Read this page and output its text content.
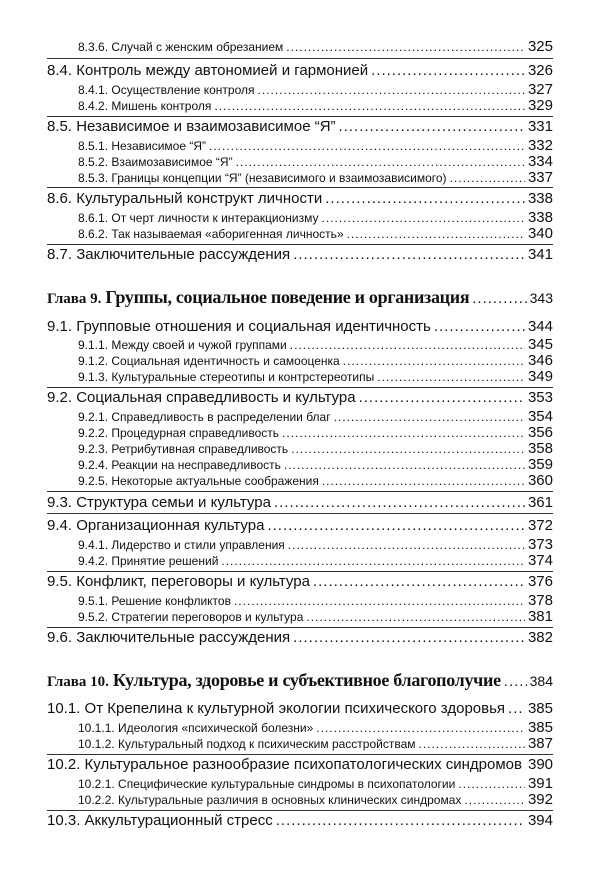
8.3.6. Случай с женским обрезанием .....	325
8.4. Контроль между автономией и гармонией .....	326
8.4.1. Осуществление контроля .....	327
8.4.2. Мишень контроля .....	329
8.5. Независимое и взаимозависимое “Я” .....	331
8.5.1. Независимое “Я” .....	332
8.5.2. Взаимозависимое “Я” .....	334
8.5.3. Границы концепции “Я” (независимого и взаимозависимого) .....	337
8.6. Культуральный конструкт личности .....	338
8.6.1. От черт личности к интеракционизму .....	338
8.6.2. Так называемая «аборигенная личность» .....	340
8.7. Заключительные рассуждения .....	341
Глава 9. Группы, социальное поведение и организация .....	343
9.1. Групповые отношения и социальная идентичность .....	344
9.1.1. Между своей и чужой группами .....	345
9.1.2. Социальная идентичность и самооценка .....	346
9.1.3. Культуральные стереотипы и контрстереотипы .....	349
9.2. Социальная справедливость и культура .....	353
9.2.1. Справедливость в распределении благ .....	354
9.2.2. Процедурная справедливость .....	356
9.2.3. Ретрибутивная справедливость .....	358
9.2.4. Реакции на несправедливость .....	359
9.2.5. Некоторые актуальные соображения .....	360
9.3. Структура семьи и культура .....	361
9.4. Организационная культура .....	372
9.4.1. Лидерство и стили управления .....	373
9.4.2. Принятие решений .....	374
9.5. Конфликт, переговоры и культура .....	376
9.5.1. Решение конфликтов .....	378
9.5.2. Стратегии переговоров и культура .....	381
9.6. Заключительные рассуждения .....	382
Глава 10. Культура, здоровье и субъективное благополучие ..... 384
10.1. От Крепелина к культурной экологии психического здоровья ..... 385
10.1.1. Идеология «психической болезни» .....	385
10.1.2. Культуральный подход к психическим расстройствам .....	387
10.2. Культуральное разнообразие психопатологических синдромов 390
10.2.1. Специфические культуральные синдромы в психопатологии .....	391
10.2.2. Культуральные различия в основных клинических синдромах .....	392
10.3. Аккультурационный стресс .....	394
